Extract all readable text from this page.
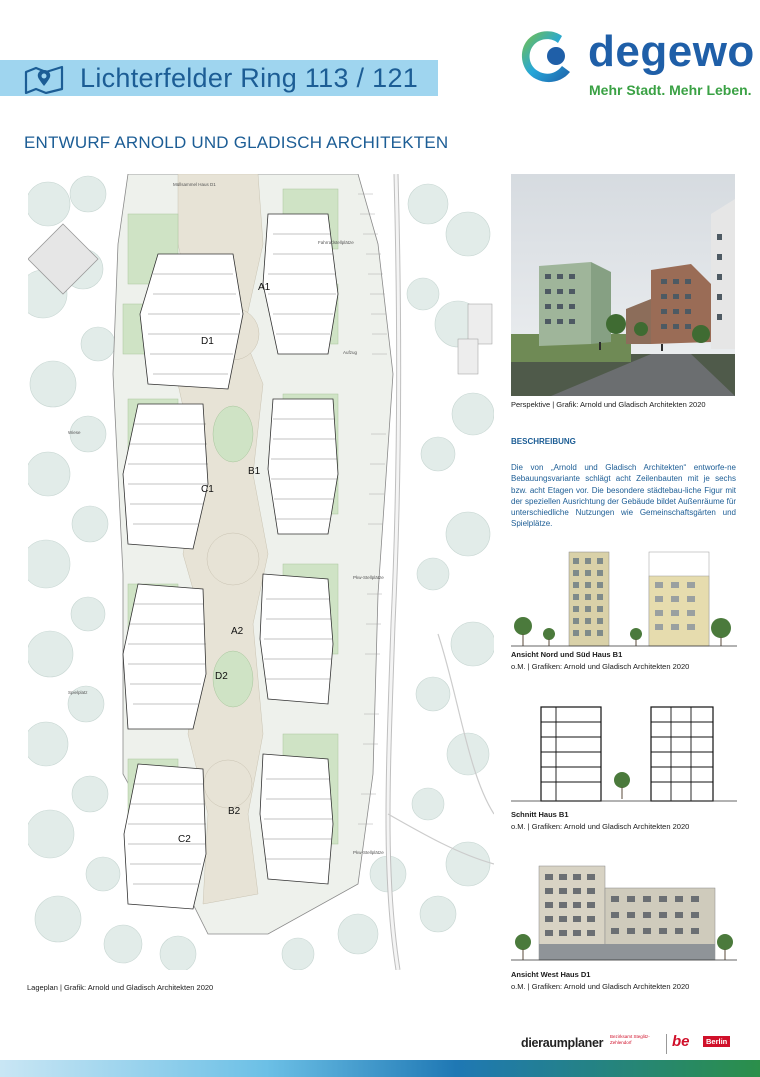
Lichterfelder Ring 113 / 121
degewo
Mehr Stadt. Mehr Leben.
ENTWURF ARNOLD UND GLADISCH ARCHITEKTEN
A1
D1
B1
C1
A2
D2
B2
C2
Müllsammel Haus D1
Fahrradstellplätze
Aufzug
Wiese
Pkw-Stellplätze
Spielplatz
Pkw-Stellplätze
Lageplan | Grafik: Arnold und Gladisch Architekten 2020
Perspektive | Grafik: Arnold und Gladisch Architekten 2020
BESCHREIBUNG
Die von „Arnold und Gladisch Architekten“ entworfe-ne Bebauungsvariante schlägt acht Zeilenbauten mit je sechs bzw. acht Etagen vor. Die besondere städtebau-liche Figur mit der speziellen Ausrichtung der Gebäude bildet Außenräume für unterschiedliche Nutzungen wie Gemeinschaftsgärten und Spielplätze.
Ansicht Nord und Süd Haus B1
o.M. | Grafiken: Arnold und Gladisch Architekten 2020
Schnitt Haus B1
o.M. | Grafiken: Arnold und Gladisch Architekten 2020
Ansicht West Haus D1
o.M. | Grafiken: Arnold und Gladisch Architekten 2020
dieraumplaner Bezirksamt Steglitz-Zehlendorf	be	Berlin
